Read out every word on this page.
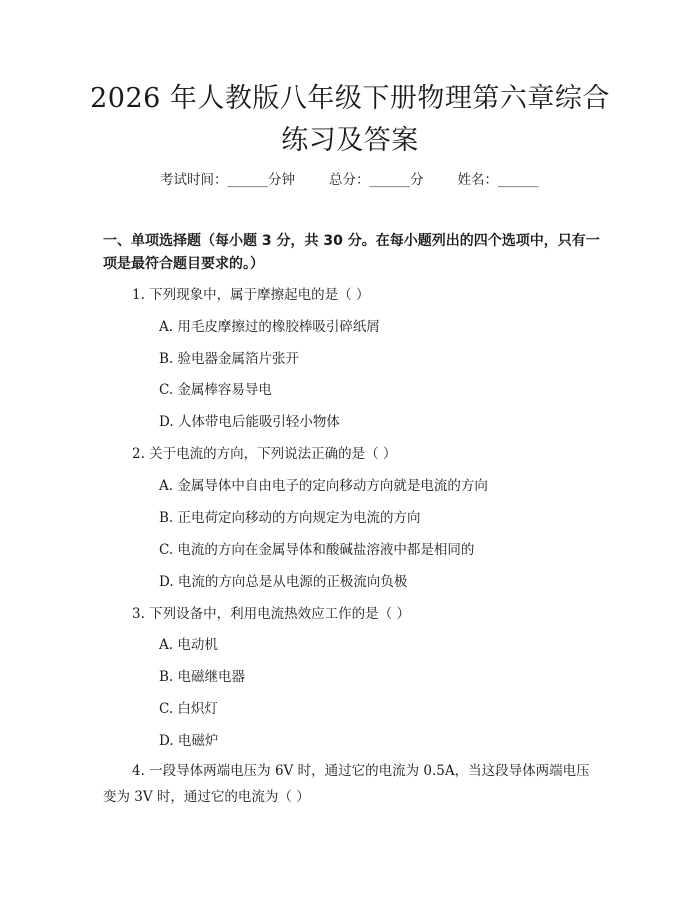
2026 年人教版八年级下册物理第六章综合练习及答案
考试时间：______分钟	总分：______分	姓名：______
一、单项选择题（每小题 3 分，共 30 分。在每小题列出的四个选项中，只有一项是最符合题目要求的。）
1. 下列现象中，属于摩擦起电的是（ ）
A. 用毛皮摩擦过的橡胶棒吸引碎纸屑
B. 验电器金属箔片张开
C. 金属棒容易导电
D. 人体带电后能吸引轻小物体
2. 关于电流的方向，下列说法正确的是（ ）
A. 金属导体中自由电子的定向移动方向就是电流的方向
B. 正电荷定向移动的方向规定为电流的方向
C. 电流的方向在金属导体和酸碱盐溶液中都是相同的
D. 电流的方向总是从电源的正极流向负极
3. 下列设备中，利用电流热效应工作的是（ ）
A. 电动机
B. 电磁继电器
C. 白炽灯
D. 电磁炉
4. 一段导体两端电压为 6V 时，通过它的电流为 0.5A，当这段导体两端电压变为 3V 时，通过它的电流为（ ）
